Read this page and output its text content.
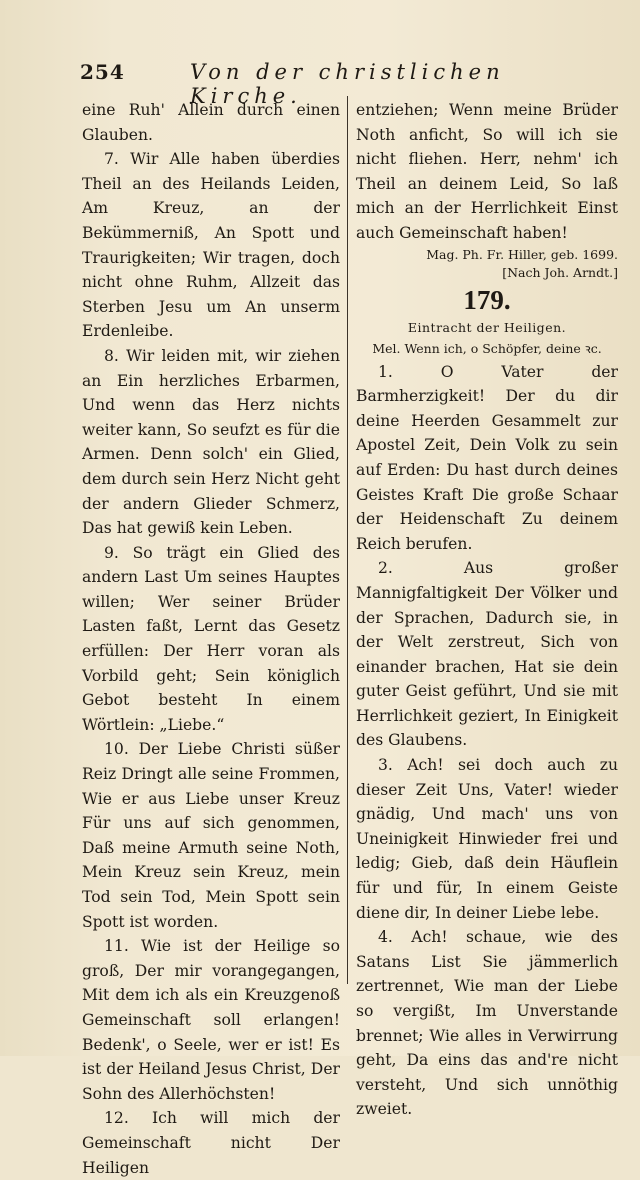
254	Von der christlichen Kirche.

eine Ruh' Allein durch einen Glauben.

7. Wir Alle haben überdies Theil an des Heilands Leiden, Am Kreuz, an der Bekümmerniß, An Spott und Traurigkeiten; Wir tragen, doch nicht ohne Ruhm, Allzeit das Sterben Jesu um An unserm Erdenleibe.

8. Wir leiden mit, wir ziehen an Ein herzliches Erbarmen, Und wenn das Herz nichts weiter kann, So seufzt es für die Armen. Denn solch' ein Glied, dem durch sein Herz Nicht geht der andern Glieder Schmerz, Das hat gewiß kein Leben.

9. So trägt ein Glied des andern Last Um seines Hauptes willen; Wer seiner Brüder Lasten faßt, Lernt das Gesetz erfüllen: Der Herr voran als Vorbild geht; Sein königlich Gebot besteht In einem Wörtlein: „Liebe.“

10. Der Liebe Christi süßer Reiz Dringt alle seine Frommen, Wie er aus Liebe unser Kreuz Für uns auf sich genommen, Daß meine Armuth seine Noth, Mein Kreuz sein Kreuz, mein Tod sein Tod, Mein Spott sein Spott ist worden.

11. Wie ist der Heilige so groß, Der mir vorangegangen, Mit dem ich als ein Kreuzgenoß Gemeinschaft soll erlangen! Bedenk', o Seele, wer er ist! Es ist der Heiland Jesus Christ, Der Sohn des Allerhöchsten!

12. Ich will mich der Gemeinschaft nicht Der Heiligen

entziehen; Wenn meine Brüder Noth anficht, So will ich sie nicht fliehen. Herr, nehm' ich Theil an deinem Leid, So laß mich an der Herrlichkeit Einst auch Gemeinschaft haben!

Mag. Ph. Fr. Hiller, geb. 1699.

[Nach Joh. Arndt.]

179.

Eintracht der Heiligen.

Mel. Wenn ich, o Schöpfer, deine ꝛc.

1. O Vater der Barmherzigkeit! Der du dir deine Heerden Gesammelt zur Apostel Zeit, Dein Volk zu sein auf Erden: Du hast durch deines Geistes Kraft Die große Schaar der Heidenschaft Zu deinem Reich berufen.

2. Aus großer Mannigfaltigkeit Der Völker und der Sprachen, Dadurch sie, in der Welt zerstreut, Sich von einander brachen, Hat sie dein guter Geist geführt, Und sie mit Herrlichkeit geziert, In Einigkeit des Glaubens.

3. Ach! sei doch auch zu dieser Zeit Uns, Vater! wieder gnädig, Und mach' uns von Uneinigkeit Hinwieder frei und ledig; Gieb, daß dein Häuflein für und für, In einem Geiste diene dir, In deiner Liebe lebe.

4. Ach! schaue, wie des Satans List Sie jämmerlich zertrennet, Wie man der Liebe so vergißt, Im Unverstande brennet; Wie alles in Verwirrung geht, Da eins das and're nicht versteht, Und sich unnöthig zweiet.
